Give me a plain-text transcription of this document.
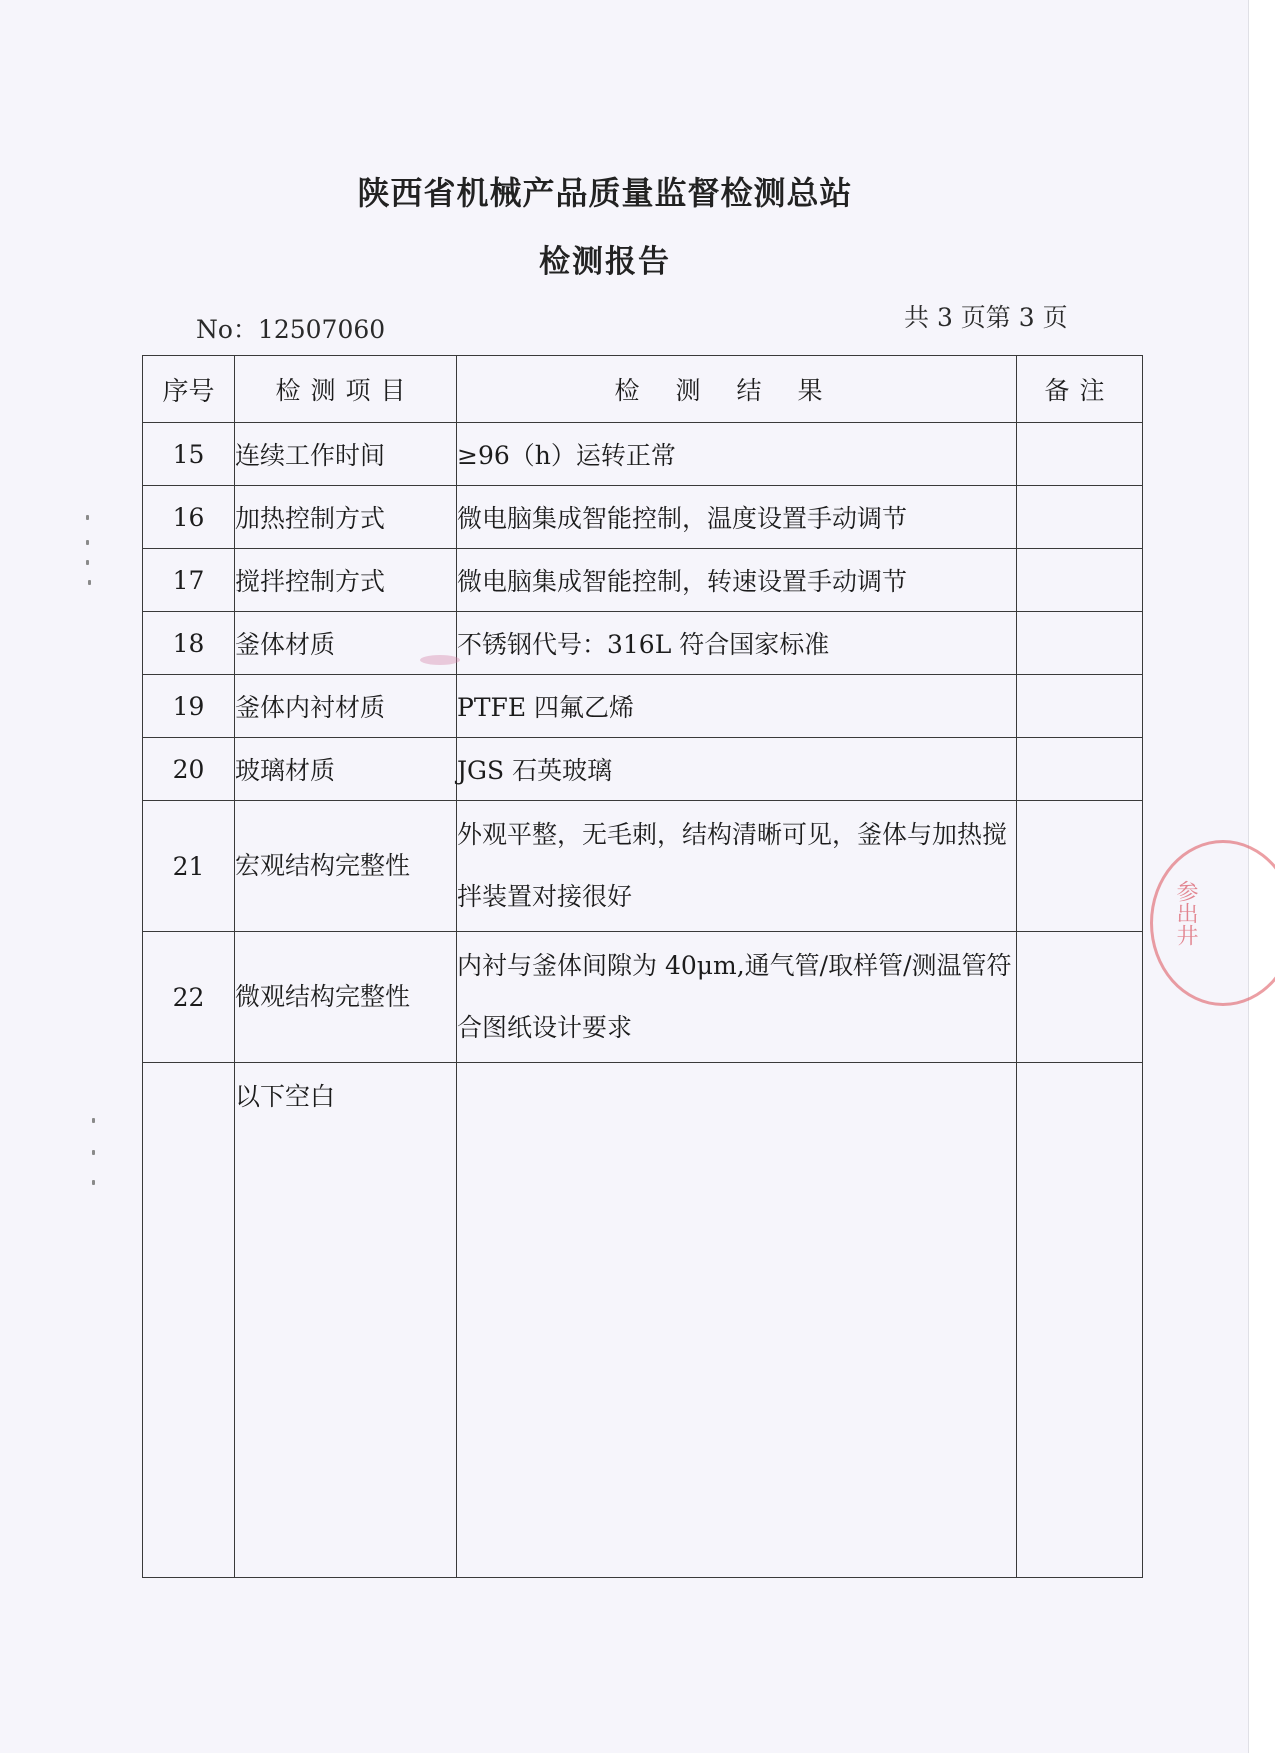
陕西省机械产品质量监督检测总站
检测报告
No：12507060	共 3 页第 3 页
序号	检测项目	检测结果	备注
15	连续工作时间	≥96（h）运转正常	
16	加热控制方式	微电脑集成智能控制，温度设置手动调节	
17	搅拌控制方式	微电脑集成智能控制，转速设置手动调节	
18	釜体材质	不锈钢代号：316L 符合国家标准	
19	釜体内衬材质	PTFE 四氟乙烯	
20	玻璃材质	JGS 石英玻璃	
21	宏观结构完整性	外观平整，无毛刺，结构清晰可见，釜体与加热搅拌装置对接很好	
22	微观结构完整性	内衬与釜体间隙为 40μm,通气管/取样管/测温管符合图纸设计要求	
	以下空白		
参出井
